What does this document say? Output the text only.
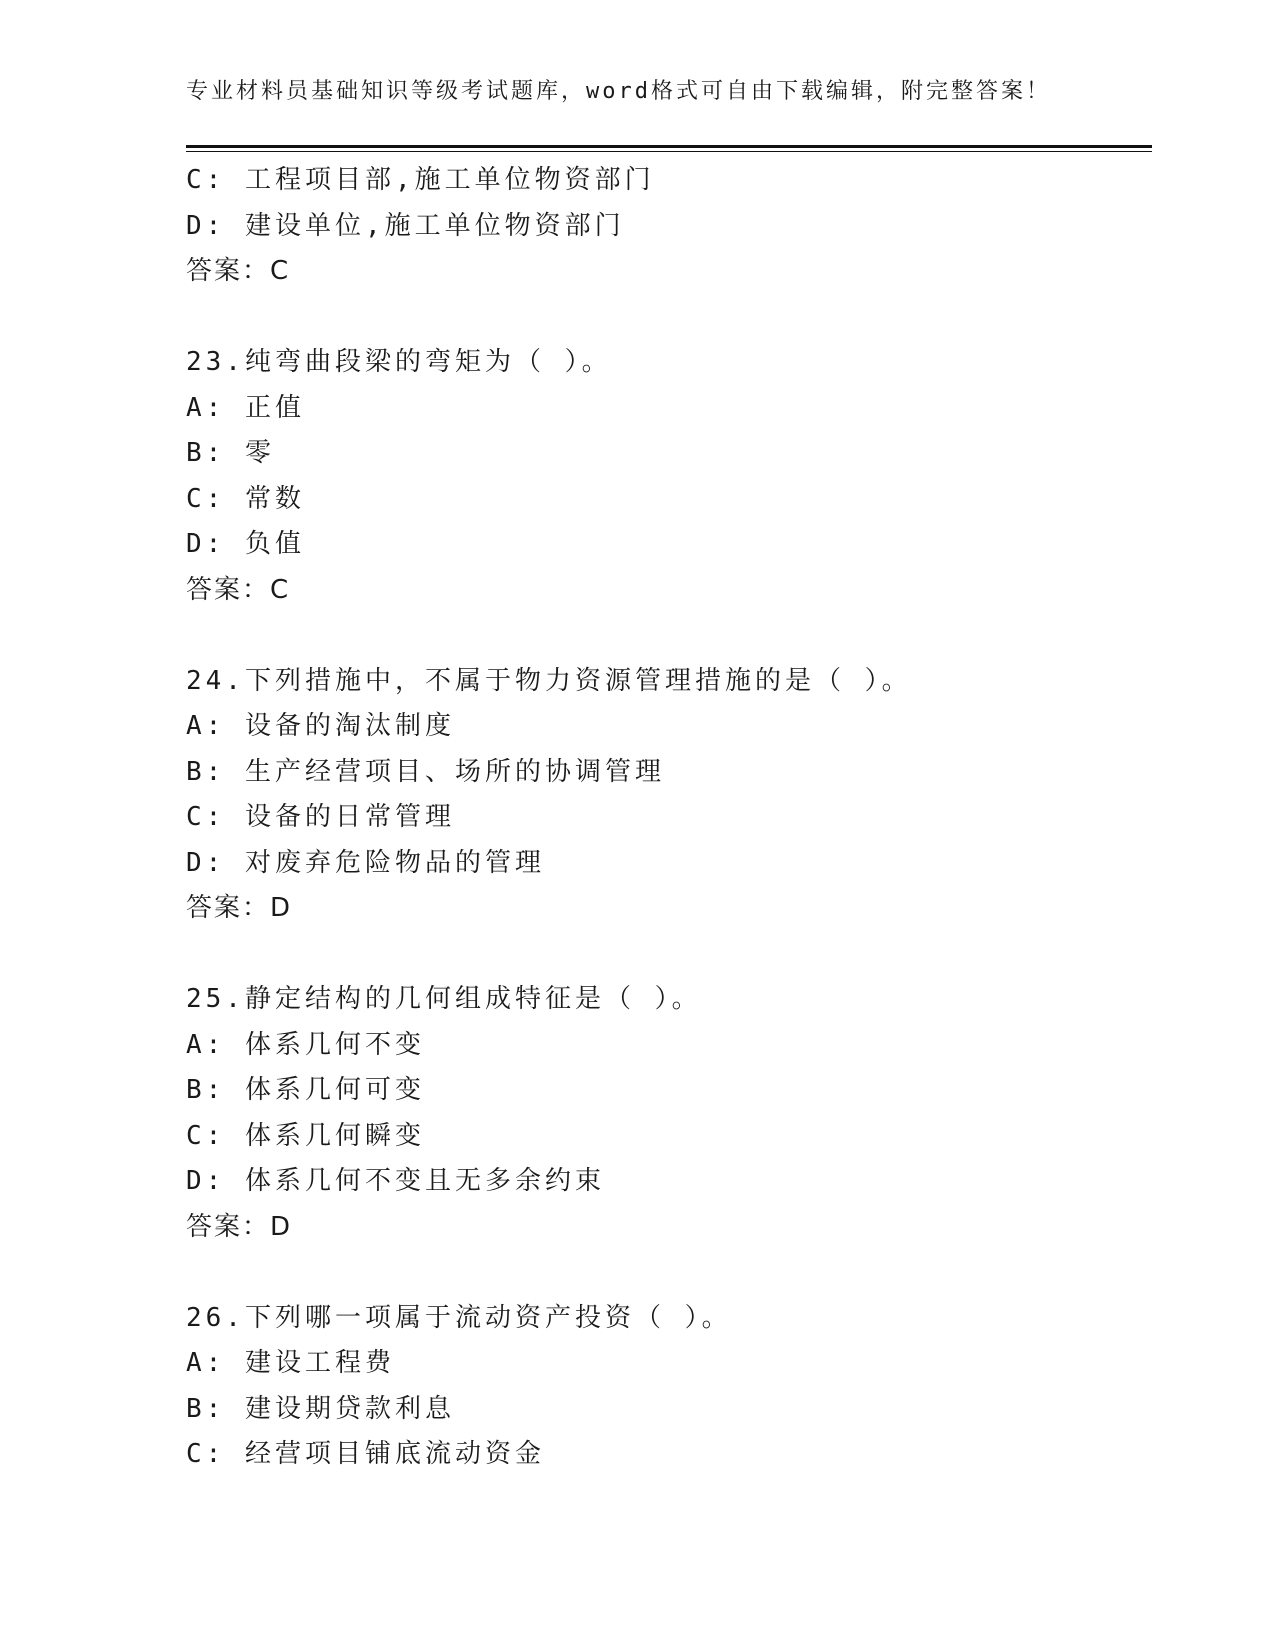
专业材料员基础知识等级考试题库，word格式可自由下载编辑，附完整答案！
C: 工程项目部,施工单位物资部门
D: 建设单位,施工单位物资部门
答案：C
23.纯弯曲段梁的弯矩为（ ）。
A: 正值
B: 零
C: 常数
D: 负值
答案：C
24.下列措施中，不属于物力资源管理措施的是（ ）。
A: 设备的淘汰制度
B: 生产经营项目、场所的协调管理
C: 设备的日常管理
D: 对废弃危险物品的管理
答案：D
25.静定结构的几何组成特征是（ ）。
A: 体系几何不变
B: 体系几何可变
C: 体系几何瞬变
D: 体系几何不变且无多余约束
答案：D
26.下列哪一项属于流动资产投资（ ）。
A: 建设工程费
B: 建设期贷款利息
C: 经营项目铺底流动资金
